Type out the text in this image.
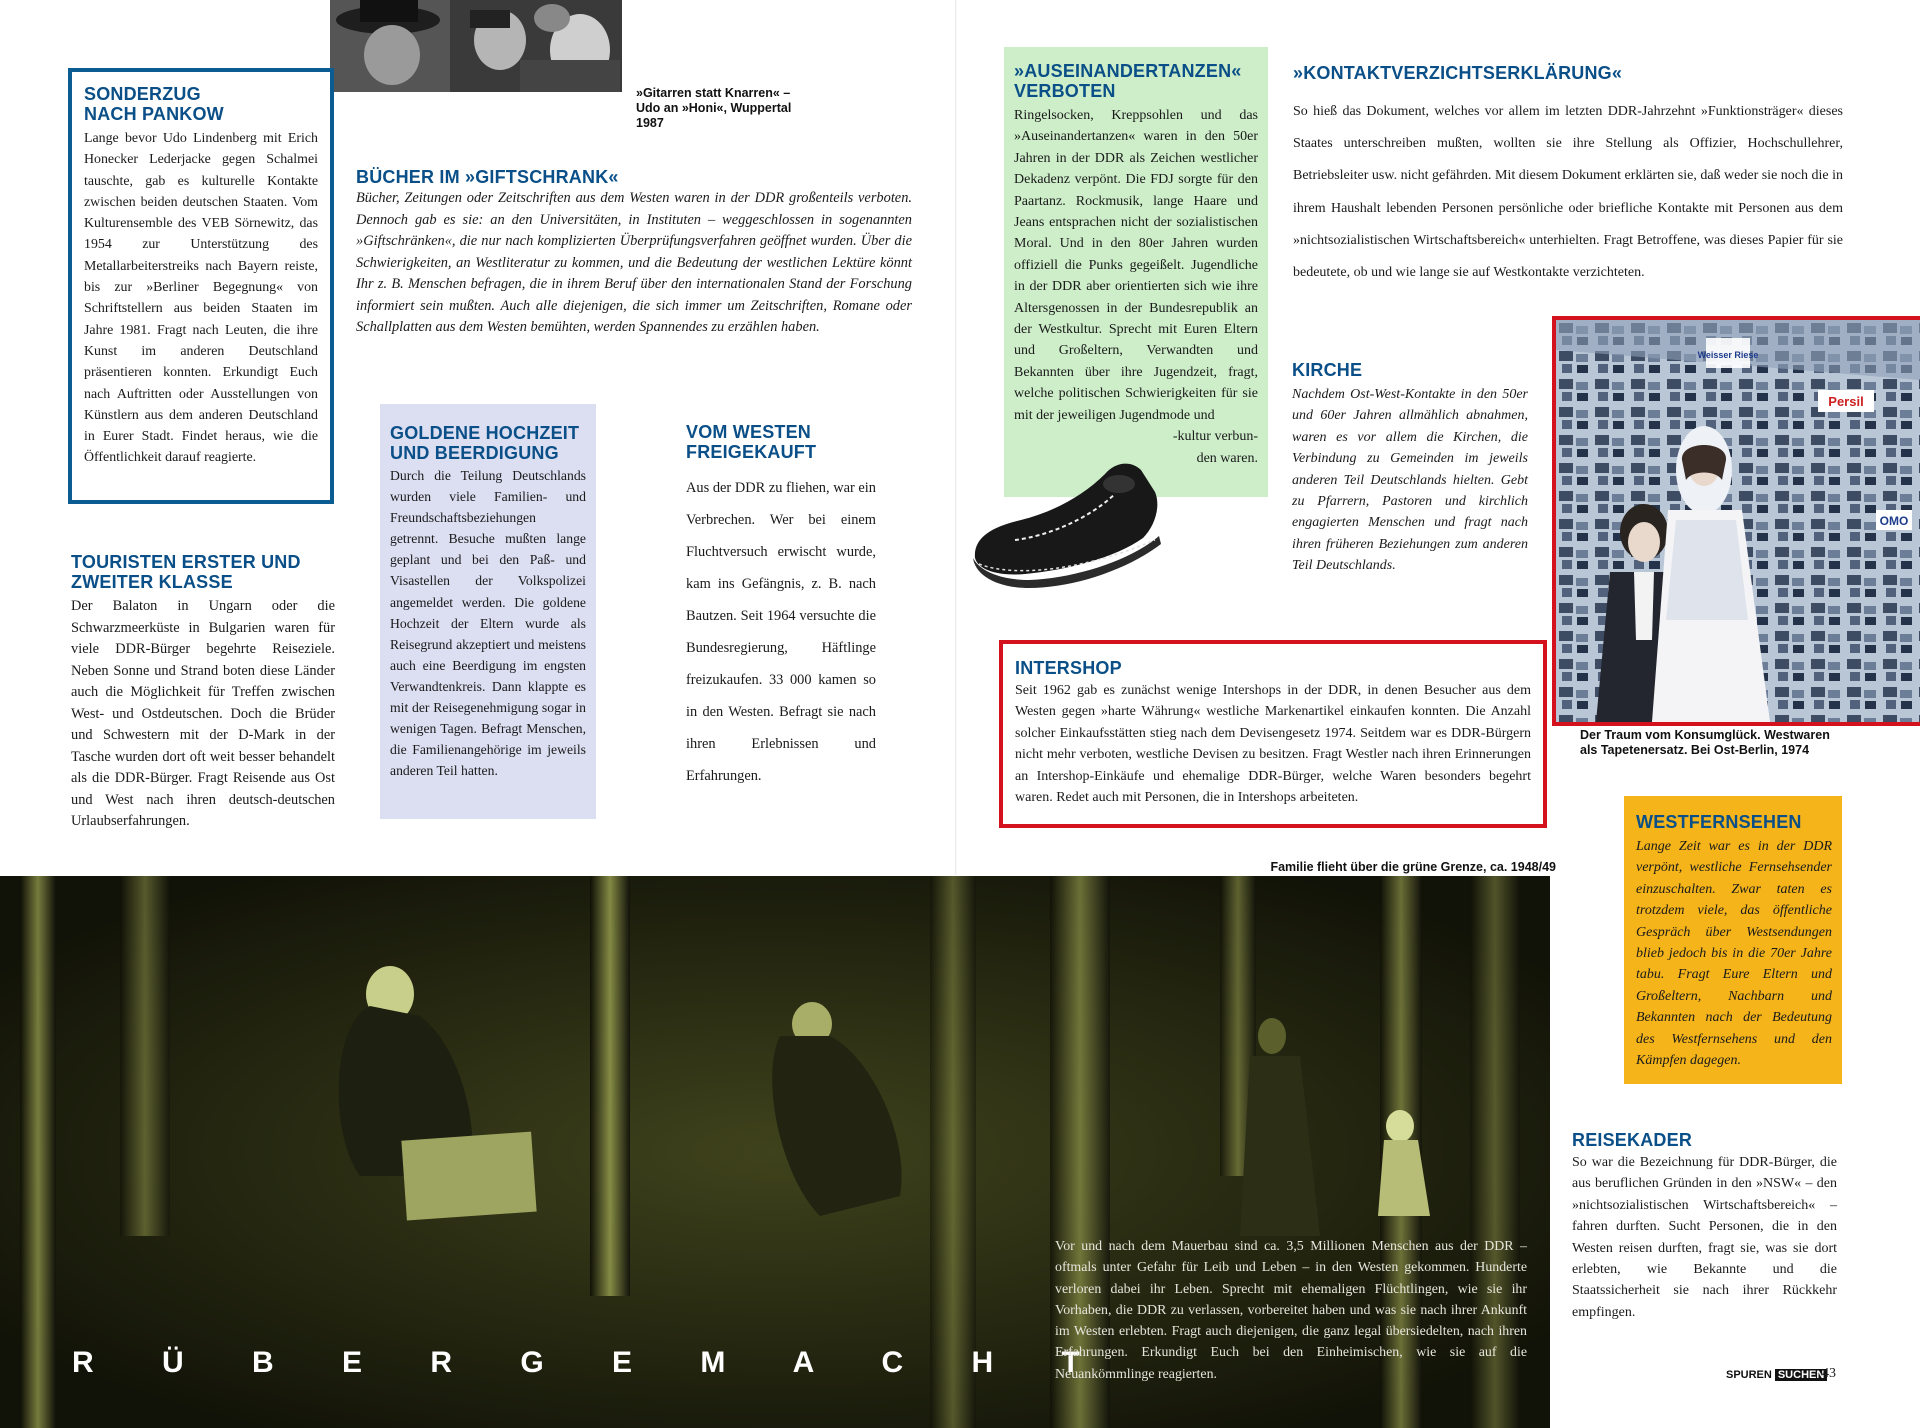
»Gitarren statt Knarren« – Udo an »Honi«, Wuppertal 1987
SONDERZUG NACH PANKOW
Lange bevor Udo Lindenberg mit Erich Honecker Lederjacke gegen Schalmei tauschte, gab es kulturelle Kontakte zwischen beiden deutschen Staaten. Vom Kulturensemble des VEB Sörnewitz, das 1954 zur Unterstützung des Metallarbeiterstreiks nach Bayern reiste, bis zur »Berliner Begegnung« von Schriftstellern aus beiden Staaten im Jahre 1981. Fragt nach Leuten, die ihre Kunst im anderen Deutschland präsentieren konnten. Erkundigt Euch nach Auftritten oder Ausstellungen von Künstlern aus dem anderen Deutschland in Eurer Stadt. Findet heraus, wie die Öffentlichkeit darauf reagierte.
BÜCHER IM »GIFTSCHRANK«
Bücher, Zeitungen oder Zeitschriften aus dem Westen waren in der DDR großenteils verboten. Dennoch gab es sie: an den Universitäten, in Instituten – weggeschlossen in sogenannten »Giftschränken«, die nur nach komplizierten Überprüfungsverfahren geöffnet wurden. Über die Schwierigkeiten, an Westliteratur zu kommen, und die Bedeutung der westlichen Lektüre könnt Ihr z. B. Menschen befragen, die in ihrem Beruf über den internationalen Stand der Forschung informiert sein mußten. Auch alle diejenigen, die sich immer um Zeitschriften, Romane oder Schallplatten aus dem Westen bemühten, werden Spannendes zu erzählen haben.
TOURISTEN ERSTER UND ZWEITER KLASSE
Der Balaton in Ungarn oder die Schwarzmeerküste in Bulgarien waren für viele DDR-Bürger begehrte Reiseziele. Neben Sonne und Strand boten diese Länder auch die Möglichkeit für Treffen zwischen West- und Ostdeutschen. Doch die Brüder und Schwestern mit der D-Mark in der Tasche wurden dort oft weit besser behandelt als die DDR-Bürger. Fragt Reisende aus Ost und West nach ihren deutsch-deutschen Urlaubserfahrungen.
GOLDENE HOCHZEIT UND BEERDIGUNG
Durch die Teilung Deutschlands wurden viele Familien- und Freundschaftsbeziehungen getrennt. Besuche mußten lange geplant und bei den Paß- und Visastellen der Volkspolizei angemeldet werden. Die goldene Hochzeit der Eltern wurde als Reisegrund akzeptiert und meistens auch eine Beerdigung im engsten Verwandtenkreis. Dann klappte es mit der Reisegenehmigung sogar in wenigen Tagen. Befragt Menschen, die Familienangehörige im jeweils anderen Teil hatten.
VOM WESTEN FREIGEKAUFT
Aus der DDR zu fliehen, war ein Verbrechen. Wer bei einem Fluchtversuch erwischt wurde, kam ins Gefängnis, z. B. nach Bautzen. Seit 1964 versuchte die Bundesregierung, Häftlinge freizukaufen. 33 000 kamen so in den Westen. Befragt sie nach ihren Erlebnissen und Erfahrungen.
»AUSEINANDERTANZEN« VERBOTEN
Ringelsocken, Kreppsohlen und das »Auseinandertanzen« waren in den 50er Jahren in der DDR als Zeichen westlicher Dekadenz verpönt. Die FDJ sorgte für den Paartanz. Rockmusik, lange Haare und Jeans entsprachen nicht der sozialistischen Moral. Und in den 80er Jahren wurden offiziell die Punks gegeißelt. Jugendliche in der DDR aber orientierten sich wie ihre Altersgenossen in der Bundesrepublik an der Westkultur. Sprecht mit Euren Eltern und Großeltern, Verwandten und Bekannten über ihre Jugendzeit, fragt, welche politischen Schwierigkeiten für sie mit der jeweiligen Jugendmode und
-kultur verbun-
den waren.
»KONTAKTVERZICHTSERKLÄRUNG«
So hieß das Dokument, welches vor allem im letzten DDR-Jahrzehnt »Funktionsträger« dieses Staates unterschreiben mußten, wollten sie ihre Stellung als Offizier, Hochschullehrer, Betriebsleiter usw. nicht gefährden. Mit diesem Dokument erklärten sie, daß weder sie noch die in ihrem Haushalt lebenden Personen persönliche oder briefliche Kontakte mit Personen aus dem »nichtsozialistischen Wirtschaftsbereich« unterhielten. Fragt Betroffene, was dieses Papier für sie bedeutete, ob und wie lange sie auf Westkontakte verzichteten.
KIRCHE
Nachdem Ost-West-Kontakte in den 50er und 60er Jahren allmählich abnahmen, waren es vor allem die Kirchen, die Verbindung zu Gemeinden im jeweils anderen Teil Deutschlands hielten. Gebt zu Pfarrern, Pastoren und kirchlich engagierten Menschen und fragt nach ihren früheren Beziehungen zum anderen Teil Deutschlands.
Weisser Riese
Persil
OMO
Der Traum vom Konsumglück. Westwaren als Tapetenersatz. Bei Ost-Berlin, 1974
INTERSHOP
Seit 1962 gab es zunächst wenige Intershops in der DDR, in denen Besucher aus dem Westen gegen »harte Währung« westliche Markenartikel einkaufen konnten. Die Anzahl solcher Einkaufsstätten stieg nach dem Devisengesetz 1974. Seitdem war es DDR-Bürgern nicht mehr verboten, westliche Devisen zu besitzen. Fragt Westler nach ihren Erinnerungen an Intershop-Einkäufe und ehemalige DDR-Bürger, welche Waren besonders begehrt waren. Redet auch mit Personen, die in Intershops arbeiteten.
Familie flieht über die grüne Grenze, ca. 1948/49
R Ü B E R G E M A C H T
Vor und nach dem Mauerbau sind ca. 3,5 Millionen Menschen aus der DDR – oftmals unter Gefahr für Leib und Leben – in den Westen gekommen. Hunderte verloren dabei ihr Leben. Sprecht mit ehemaligen Flüchtlingen, wie sie ihr Vorhaben, die DDR zu verlassen, vorbereitet haben und was sie nach ihrer Ankunft im Westen erlebten. Fragt auch diejenigen, die ganz legal übersiedelten, nach ihren Erfahrungen. Erkundigt Euch bei den Einheimischen, wie sie auf die Neuankömmlinge reagierten.
WESTFERNSEHEN
Lange Zeit war es in der DDR verpönt, westliche Fernsehsender einzuschalten. Zwar taten es trotzdem viele, das öffentliche Gespräch über Westsendungen blieb jedoch bis in die 70er Jahre tabu. Fragt Eure Eltern und Großeltern, Nachbarn und Bekannten nach der Bedeutung des Westfernsehens und den Kämpfen dagegen.
REISEKADER
So war die Bezeichnung für DDR-Bürger, die aus beruflichen Gründen in den »NSW« – den »nichtsozialistischen Wirtschaftsbereich« – fahren durften. Sucht Personen, die in den Westen reisen durften, fragt sie, was sie dort erlebten, wie Bekannte und die Staatssicherheit sie nach ihrer Rückkehr empfingen.
SPUREN SUCHEN
43
